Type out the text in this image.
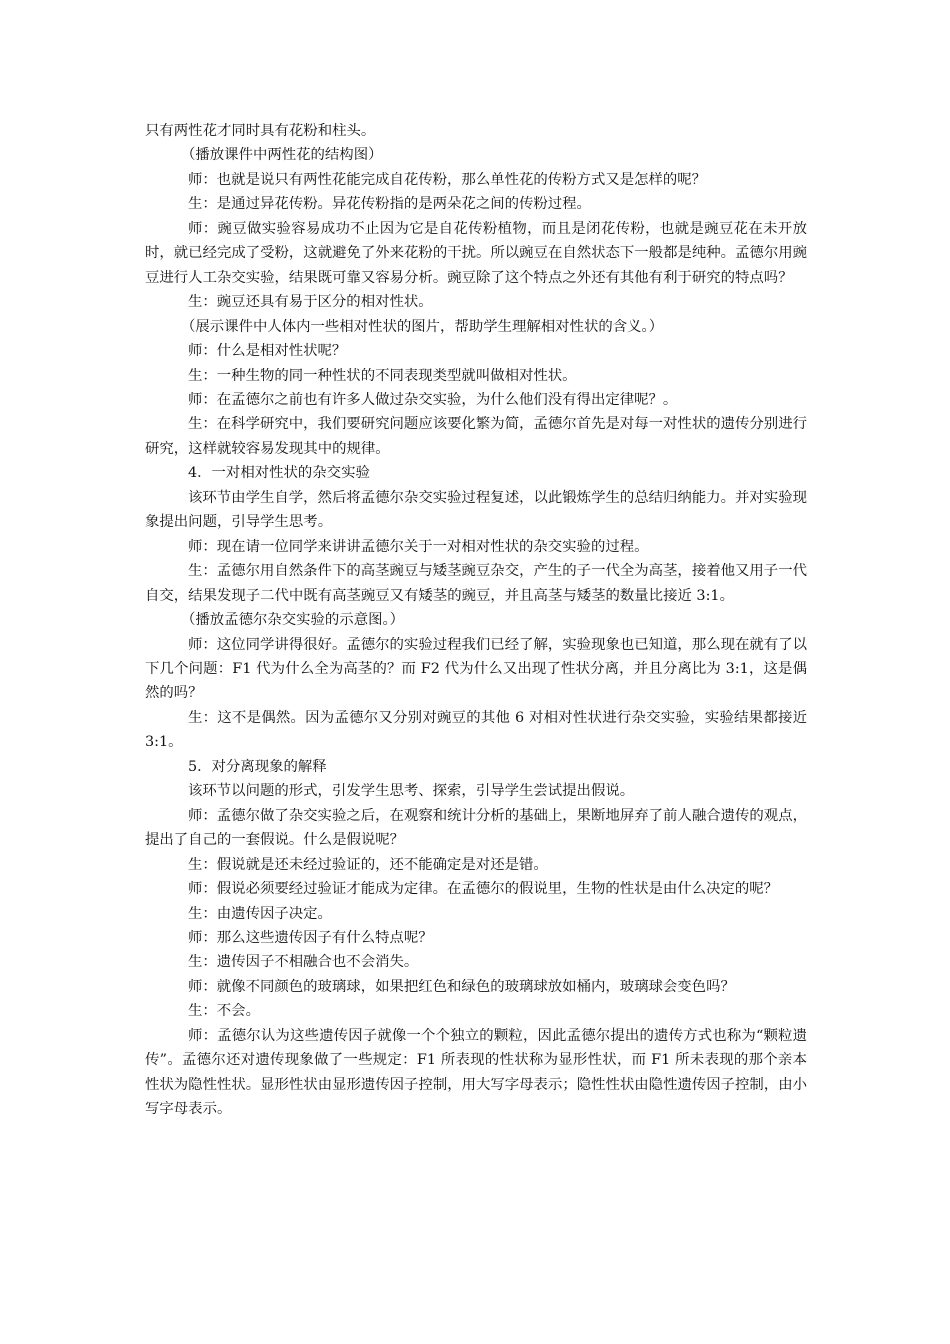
只有两性花才同时具有花粉和柱头。

（播放课件中两性花的结构图）

师：也就是说只有两性花能完成自花传粉，那么单性花的传粉方式又是怎样的呢？

生：是通过异花传粉。异花传粉指的是两朵花之间的传粉过程。

师：豌豆做实验容易成功不止因为它是自花传粉植物，而且是闭花传粉，也就是豌豆花在未开放时，就已经完成了受粉，这就避免了外来花粉的干扰。所以豌豆在自然状态下一般都是纯种。孟德尔用豌豆进行人工杂交实验，结果既可靠又容易分析。豌豆除了这个特点之外还有其他有利于研究的特点吗？

生：豌豆还具有易于区分的相对性状。

（展示课件中人体内一些相对性状的图片，帮助学生理解相对性状的含义。）

师：什么是相对性状呢？

生：一种生物的同一种性状的不同表现类型就叫做相对性状。

师：在孟德尔之前也有许多人做过杂交实验，为什么他们没有得出定律呢？。

生：在科学研究中，我们要研究问题应该要化繁为简，孟德尔首先是对每一对性状的遗传分别进行研究，这样就较容易发现其中的规律。

4．一对相对性状的杂交实验

该环节由学生自学，然后将孟德尔杂交实验过程复述，以此锻炼学生的总结归纳能力。并对实验现象提出问题，引导学生思考。

师：现在请一位同学来讲讲孟德尔关于一对相对性状的杂交实验的过程。

生：孟德尔用自然条件下的高茎豌豆与矮茎豌豆杂交，产生的子一代全为高茎，接着他又用子一代自交，结果发现子二代中既有高茎豌豆又有矮茎的豌豆，并且高茎与矮茎的数量比接近 3:1。

（播放孟德尔杂交实验的示意图。）

师：这位同学讲得很好。孟德尔的实验过程我们已经了解，实验现象也已知道，那么现在就有了以下几个问题：F1 代为什么全为高茎的？而 F2 代为什么又出现了性状分离，并且分离比为 3:1，这是偶然的吗？

生：这不是偶然。因为孟德尔又分别对豌豆的其他 6 对相对性状进行杂交实验，实验结果都接近 3:1。

5．对分离现象的解释

该环节以问题的形式，引发学生思考、探索，引导学生尝试提出假说。

师：孟德尔做了杂交实验之后，在观察和统计分析的基础上，果断地屏弃了前人融合遗传的观点，提出了自己的一套假说。什么是假说呢？

生：假说就是还未经过验证的，还不能确定是对还是错。

师：假说必须要经过验证才能成为定律。在孟德尔的假说里，生物的性状是由什么决定的呢？

生：由遗传因子决定。

师：那么这些遗传因子有什么特点呢？

生：遗传因子不相融合也不会消失。

师：就像不同颜色的玻璃球，如果把红色和绿色的玻璃球放如桶内，玻璃球会变色吗？

生：不会。

师：孟德尔认为这些遗传因子就像一个个独立的颗粒，因此孟德尔提出的遗传方式也称为“颗粒遗传”。孟德尔还对遗传现象做了一些规定：F1 所表现的性状称为显形性状，而 F1 所未表现的那个亲本性状为隐性性状。显形性状由显形遗传因子控制，用大写字母表示；隐性性状由隐性遗传因子控制，由小写字母表示。
